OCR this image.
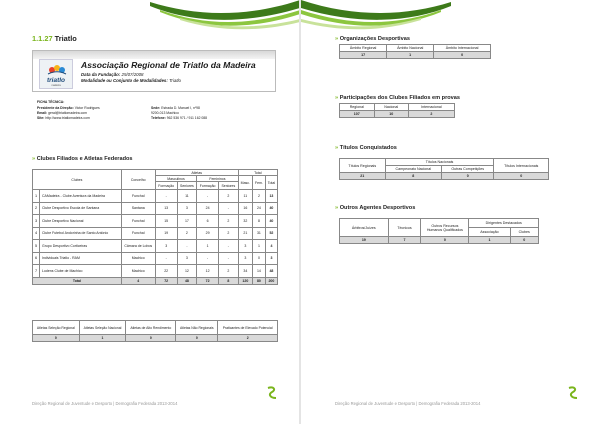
1.1.27 Triatlo
triatlo
madeira
Associação Regional de Triatlo da Madeira
Data da Fundação: 25/07/2008
Modalidade ou Conjunto de Modalidades: Triatlo
FICHA TÉCNICA:
Presidente da Direção: Victor Rodrigues
Email: geral@triatlomadeira.com
Site: http://www.triatlomadeira.com
Sede: Estrada D. Manuel I, nº98
9200-013 Machico
Telefone: 962 536 971 / 911 162 088
» Clubes Filiados e Atletas Federados
Clubes		Concelho	Atletas				Total		
			Masculinos		Femininos		Masc.	Fem.	Total
			Formação	Seniores	Formação	Seniores			
1	CAMadeira - Clube Aventura da Madeira	Funchal	-	11	-	2	11	2	13
2	Clube Desportivo Escola de Santana	Santana	13	3	24	-	16	24	40
3	Clube Desportivo Nacional	Funchal	15	17	6	2	32	8	40
4	Clube Futebol Andorinha de Santo António	Funchal	19	2	29	2	21	31	52
5	Grupo Desportivo Corticeiras	Câmara de Lobos	3	-	1	-	3	1	4
6	Individuais Triatlo - RAM	Machico	-	3	-	-	3	0	3
7	Ludens Clube de Machico	Machico	22	12	12	2	34	14	48
Total		4	72	48	72	8	120	80	200
Atletas Seleção Regional	Atletas Seleção Nacional	Atletas de Alto Rendimento	Atletas Não Regionais	Praticantes de Elevado Potencial
0	1	0	0	2
Direção Regional de Juventude e Desporto | Demografia Federada 2013-2014
» Organizações Desportivas
Âmbito Regional	Âmbito Nacional	Âmbito Internacional
17	1	0
» Participações dos Clubes Filiados em provas
Regional	Nacional	Internacional
107	10	2
» Títulos Conquistados
Títulos Regionais	Títulos Nacionais		Títulos Internacionais
	Campeonato Nacional	Outras Competições	
21	8	0	0
» Outros Agentes Desportivos
Árbitros/Juízes	Técnicos	Outros Recursos Humanos Qualificados	Dirigentes Destacados	
			Associação	Clubes
19	7	0	1	0
Direção Regional de Juventude e Desporto | Demografia Federada 2013-2014
